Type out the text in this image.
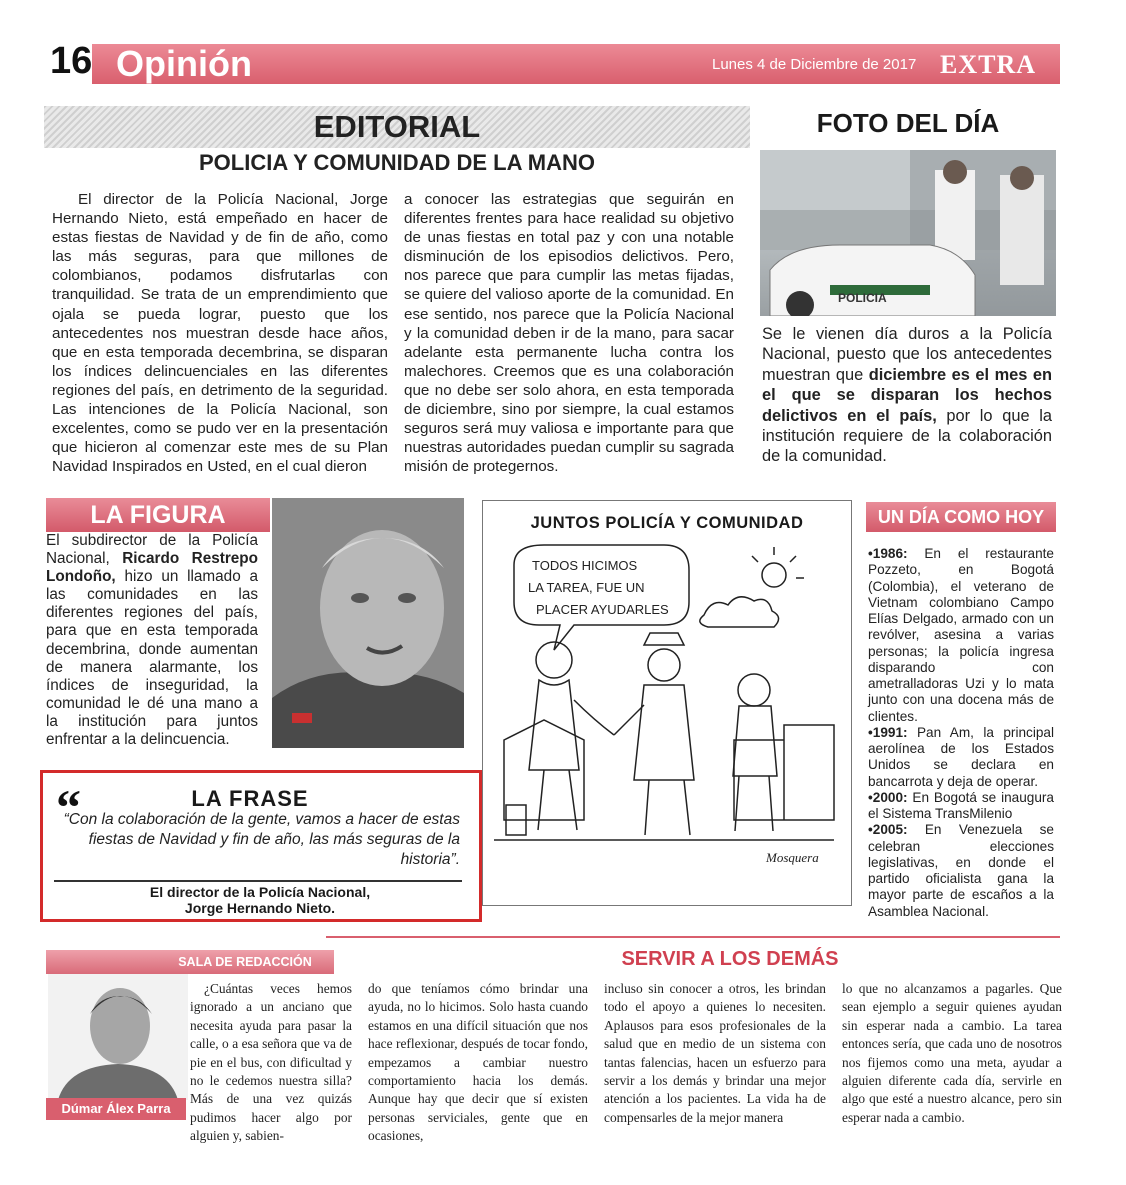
16 Opinión	Lunes 4 de Diciembre de 2017 EXTRA
EDITORIAL
POLICIA Y COMUNIDAD DE LA MANO

El director de la Policía Nacional, Jorge Hernando Nieto, está empeñado en hacer de estas fiestas de Navidad y de fin de año, como las más seguras, para que millones de colombianos, podamos disfrutarlas con tranquilidad. Se trata de un emprendimiento que ojala se pueda lograr, puesto que los antecedentes nos muestran desde hace años, que en esta temporada decembrina, se disparan los índices delincuenciales en las diferentes regiones del país, en detrimento de la seguridad. Las intenciones de la Policía Nacional, son excelentes, como se pudo ver en la presentación que hicieron al comenzar este mes de su Plan Navidad Inspirados en Usted, en el cual dieron

a conocer las estrategias que seguirán en diferentes frentes para hace realidad su objetivo de unas fiestas en total paz y con una notable disminución de los episodios delictivos. Pero, nos parece que para cumplir las metas fijadas, se quiere del valioso aporte de la comunidad. En ese sentido, nos parece que la Policía Nacional y la comunidad deben ir de la mano, para sacar adelante esta permanente lucha contra los malechores. Creemos que es una colaboración que no debe ser solo ahora, en esta temporada de diciembre, sino por siempre, la cual estamos seguros será muy valiosa e importante para que nuestras autoridades puedan cumplir su sagrada misión de protegernos.

FOTO DEL DÍA
POLICIA
Se le vienen día duros a la Policía Nacional, puesto que los antecedentes muestran que diciembre es el mes en el que se disparan los hechos delictivos en el país, por lo que la institución requiere de la colaboración de la comunidad.
LA FIGURA
El subdirector de la Policía Nacional, Ricardo Restrepo Londoño, hizo un llamado a las comunidades en las diferentes regiones del país, para que en esta temporada decembrina, donde aumentan de manera alarmante, los índices de inseguridad, la comunidad le dé una mano a la institución para juntos enfrentar a la delincuencia.
“	LA FRASE
“Con la colaboración de la gente, vamos a hacer de estas fiestas de Navidad y fin de año, las más seguras de la historia”.
El director de la Policía Nacional,
Jorge Hernando Nieto.
JUNTOS POLICÍA Y COMUNIDAD
TODOS HICIMOS
LA TAREA, FUE UN
PLACER AYUDARLES
Mosquera
UN DÍA COMO HOY
•1986: En el restaurante Pozzeto, en Bogotá (Colombia), el veterano de Vietnam colombiano Campo Elías Delgado, armado con un revólver, asesina a varias personas; la policía ingresa disparando con ametralladoras Uzi y lo mata junto con una docena más de clientes.
•1991: Pan Am, la principal aerolínea de los Estados Unidos se declara en bancarrota y deja de operar.
•2000: En Bogotá se inaugura el Sistema TransMilenio
•2005: En Venezuela se celebran elecciones legislativas, en donde el partido oficialista gana la mayor parte de escaños a la Asamblea Nacional.
SALA DE REDACCIÓN
Dúmar Álex Parra
SERVIR A LOS DEMÁS

¿Cuántas veces hemos ignorado a un anciano que necesita ayuda para pasar la calle, o a esa señora que va de pie en el bus, con dificultad y no le cedemos nuestra silla? Más de una vez quizás pudimos hacer algo por alguien y, sabien-

do que teníamos cómo brindar una ayuda, no lo hicimos. Solo hasta cuando estamos en una difícil situación que nos hace reflexionar, después de tocar fondo, empezamos a cambiar nuestro comportamiento hacia los demás. Aunque hay que decir que sí existen personas serviciales, gente que en ocasiones,

incluso sin conocer a otros, les brindan todo el apoyo a quienes lo necesiten. Aplausos para esos profesionales de la salud que en medio de un sistema con tantas falencias, hacen un esfuerzo para servir a los demás y brindar una mejor atención a los pacientes. La vida ha de compensarles de la mejor manera

lo que no alcanzamos a pagarles. Que sean ejemplo a seguir quienes ayudan sin esperar nada a cambio. La tarea entonces sería, que cada uno de nosotros nos fijemos como una meta, ayudar a alguien diferente cada día, servirle en algo que esté a nuestro alcance, pero sin esperar nada a cambio.
